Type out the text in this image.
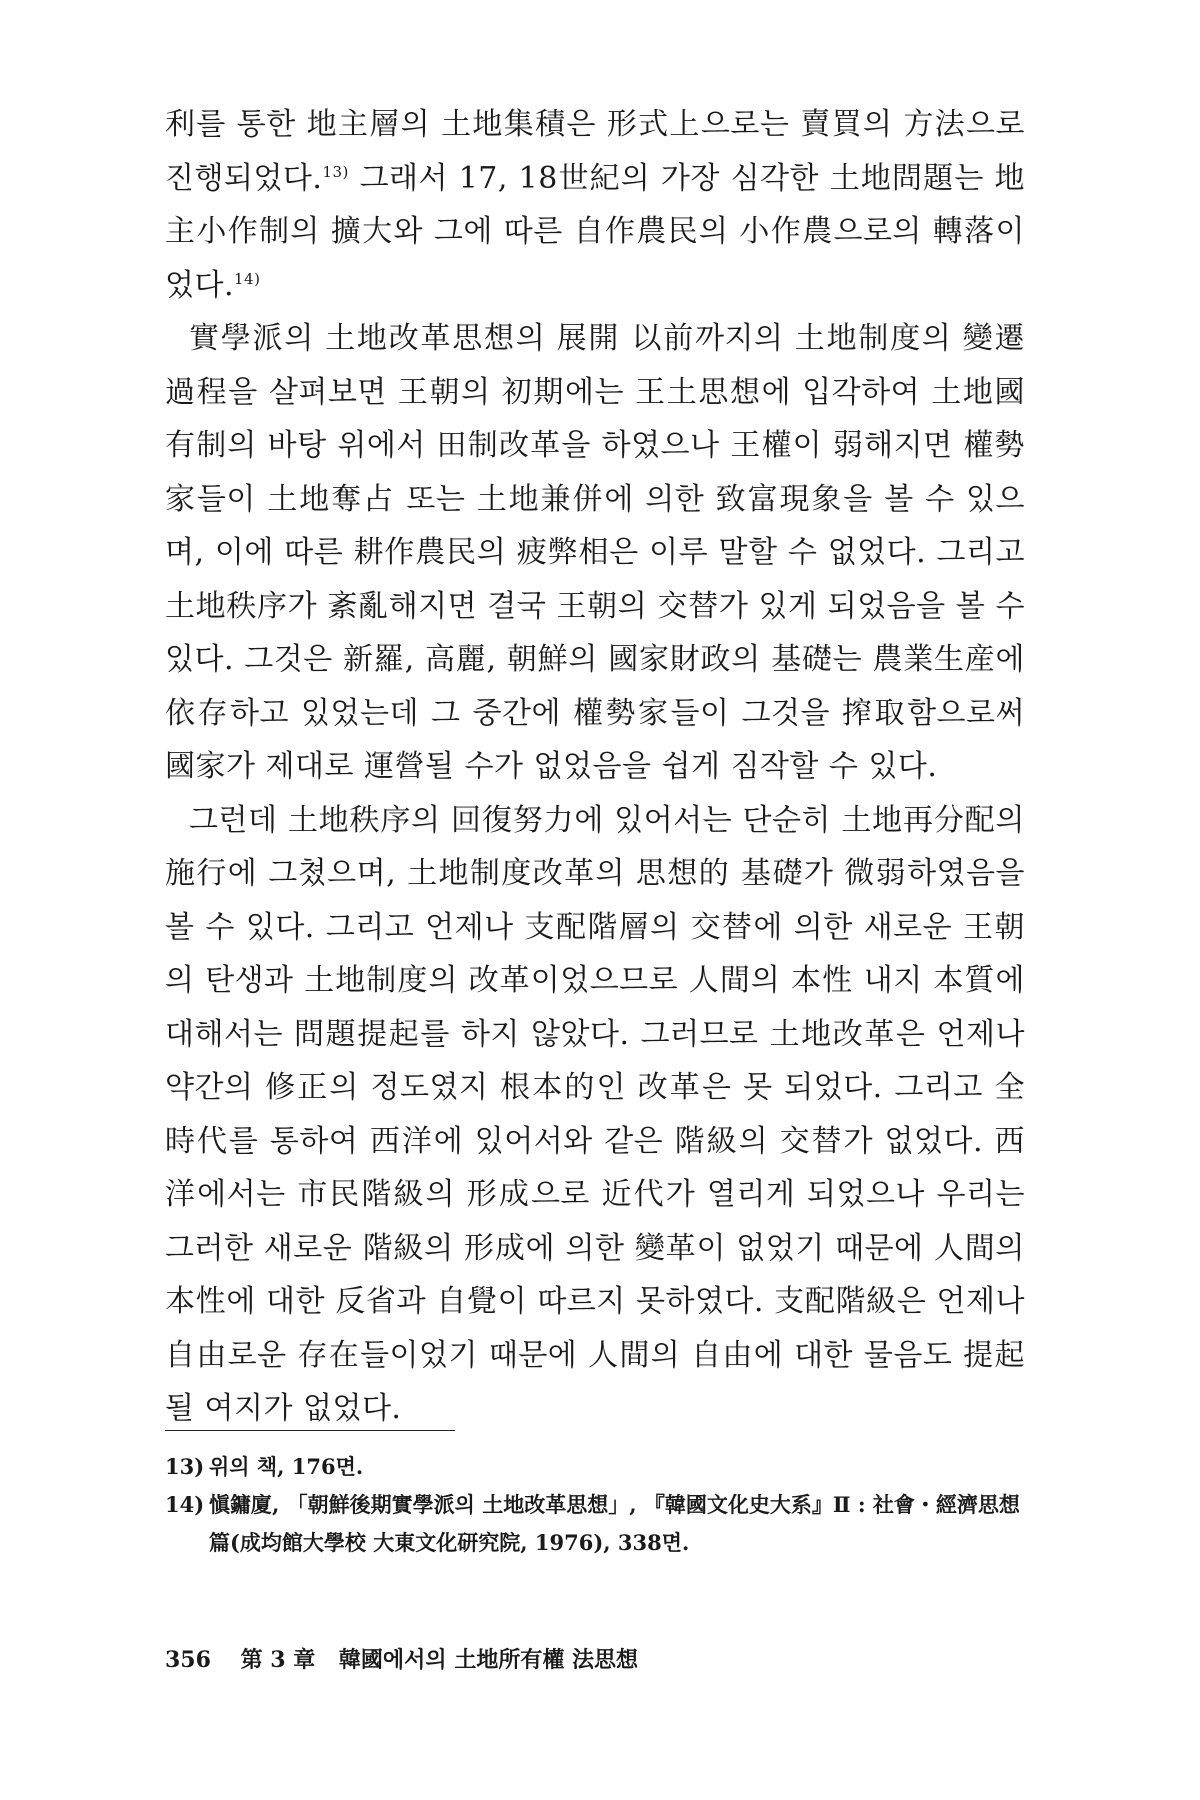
利를 통한 地主層의 土地集積은 形式上으로는 賣買의 方法으로 진행되었다.$^{13)}$ 그래서 17, 18世紀의 가장 심각한 土地問題는 地主小作制의 擴大와 그에 따른 自作農民의 小作農으로의 轉落이었다.$^{14)}$

實學派의 土地改革思想의 展開 以前까지의 土地制度의 變遷過程을 살펴보면 王朝의 初期에는 王土思想에 입각하여 土地國有制의 바탕 위에서 田制改革을 하였으나 王權이 弱해지면 權勢家들이 土地奪占 또는 土地兼併에 의한 致富現象을 볼 수 있으며, 이에 따른 耕作農民의 疲弊相은 이루 말할 수 없었다. 그리고 土地秩序가 紊亂해지면 결국 王朝의 交替가 있게 되었음을 볼 수 있다. 그것은 新羅, 高麗, 朝鮮의 國家財政의 基礎는 農業生産에 依存하고 있었는데 그 중간에 權勢家들이 그것을 搾取함으로써 國家가 제대로 運營될 수가 없었음을 쉽게 짐작할 수 있다.

그런데 土地秩序의 回復努力에 있어서는 단순히 土地再分配의 施行에 그쳤으며, 土地制度改革의 思想的 基礎가 微弱하였음을 볼 수 있다. 그리고 언제나 支配階層의 交替에 의한 새로운 王朝의 탄생과 土地制度의 改革이었으므로 人間의 本性 내지 本質에 대해서는 問題提起를 하지 않았다. 그러므로 土地改革은 언제나 약간의 修正의 정도였지 根本的인 改革은 못 되었다. 그리고 全 時代를 통하여 西洋에 있어서와 같은 階級의 交替가 없었다. 西洋에서는 市民階級의 形成으로 近代가 열리게 되었으나 우리는 그러한 새로운 階級의 形成에 의한 變革이 없었기 때문에 人間의 本性에 대한 反省과 自覺이 따르지 못하였다. 支配階級은 언제나 自由로운 存在들이었기 때문에 人間의 自由에 대한 물음도 提起될 여지가 없었다.

13) 위의 책, 176면.
14) 愼鏞廈, 「朝鮮後期實學派의 土地改革思想」, 『韓國文化史大系』Ⅱ : 社會・經濟思想 篇(成均館大學校 大東文化研究院, 1976), 338면.
356 第 3 章 韓國에서의 土地所有權 法思想
